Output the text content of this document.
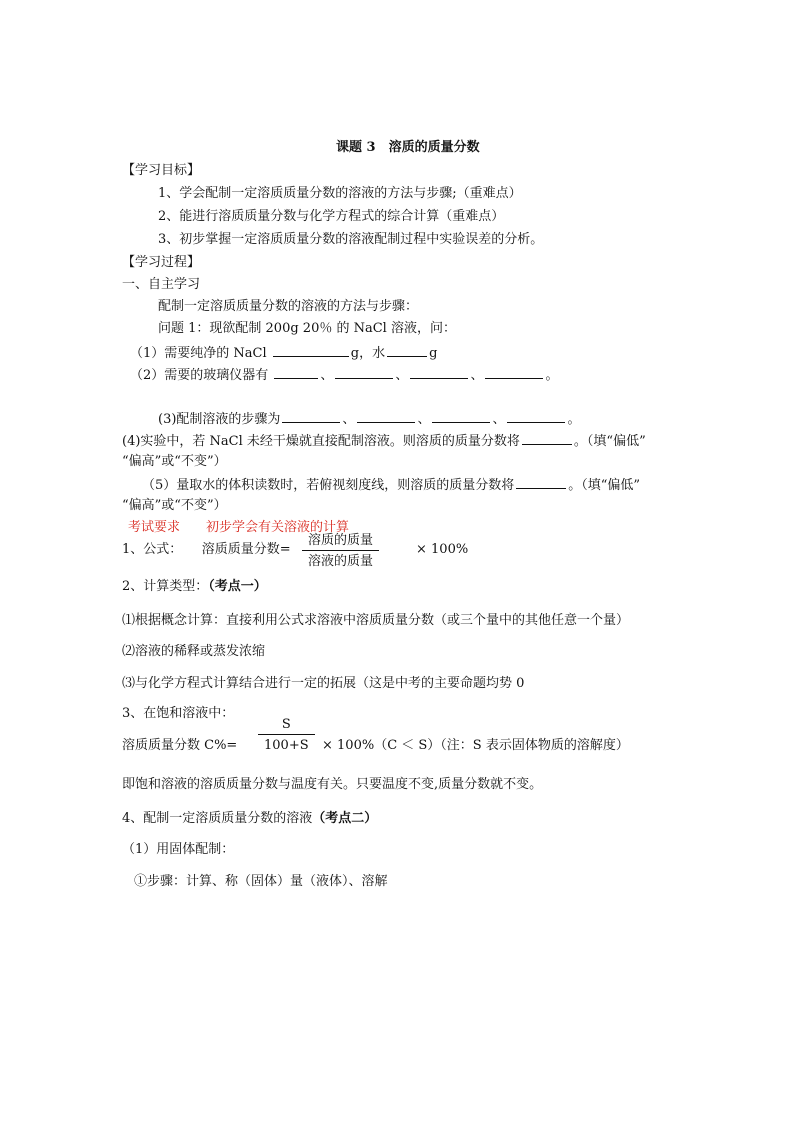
课题 3　溶质的质量分数
【学习目标】
1、学会配制一定溶质质量分数的溶液的方法与步骤;（重难点）
2、能进行溶质质量分数与化学方程式的综合计算（重难点）
3、初步掌握一定溶质质量分数的溶液配制过程中实验误差的分析。
【学习过程】
一、自主学习
配制一定溶质质量分数的溶液的方法与步骤：
问题 1：现欲配制 200g 20％ 的 NaCl 溶液，问：
（1）需要纯净的 NaCl	g，水	g
（2）需要的玻璃仪器有	、	、	、	。
(3)配制溶液的步骤为	、	、	、	。
(4)实验中，若 NaCl 未经干燥就直接配制溶液。则溶质的质量分数将	。（填“偏低”
“偏高”或“不变”）
（5）量取水的体积读数时，若俯视刻度线，则溶质的质量分数将	。（填“偏低”
“偏高”或“不变”）
考试要求　　初步学会有关溶液的计算
1、公式：　　溶质质量分数=
溶质的质量
溶液的质量
× 100%
2、计算类型：（考点一）
⑴根据概念计算：直接利用公式求溶液中溶质质量分数（或三个量中的其他任意一个量）
⑵溶液的稀释或蒸发浓缩
⑶与化学方程式计算结合进行一定的拓展（这是中考的主要命题均势 0
3、在饱和溶液中：
溶质质量分数 $C\%= \frac{S}{100+S} \times 100\%(C < S)$（注：S 表示固体物质的溶解度）
即饱和溶液的溶质质量分数与温度有关。只要温度不变,质量分数就不变。
4、配制一定溶质质量分数的溶液（考点二）
（1）用固体配制：
①步骤：计算、称（固体）量（液体）、溶解
